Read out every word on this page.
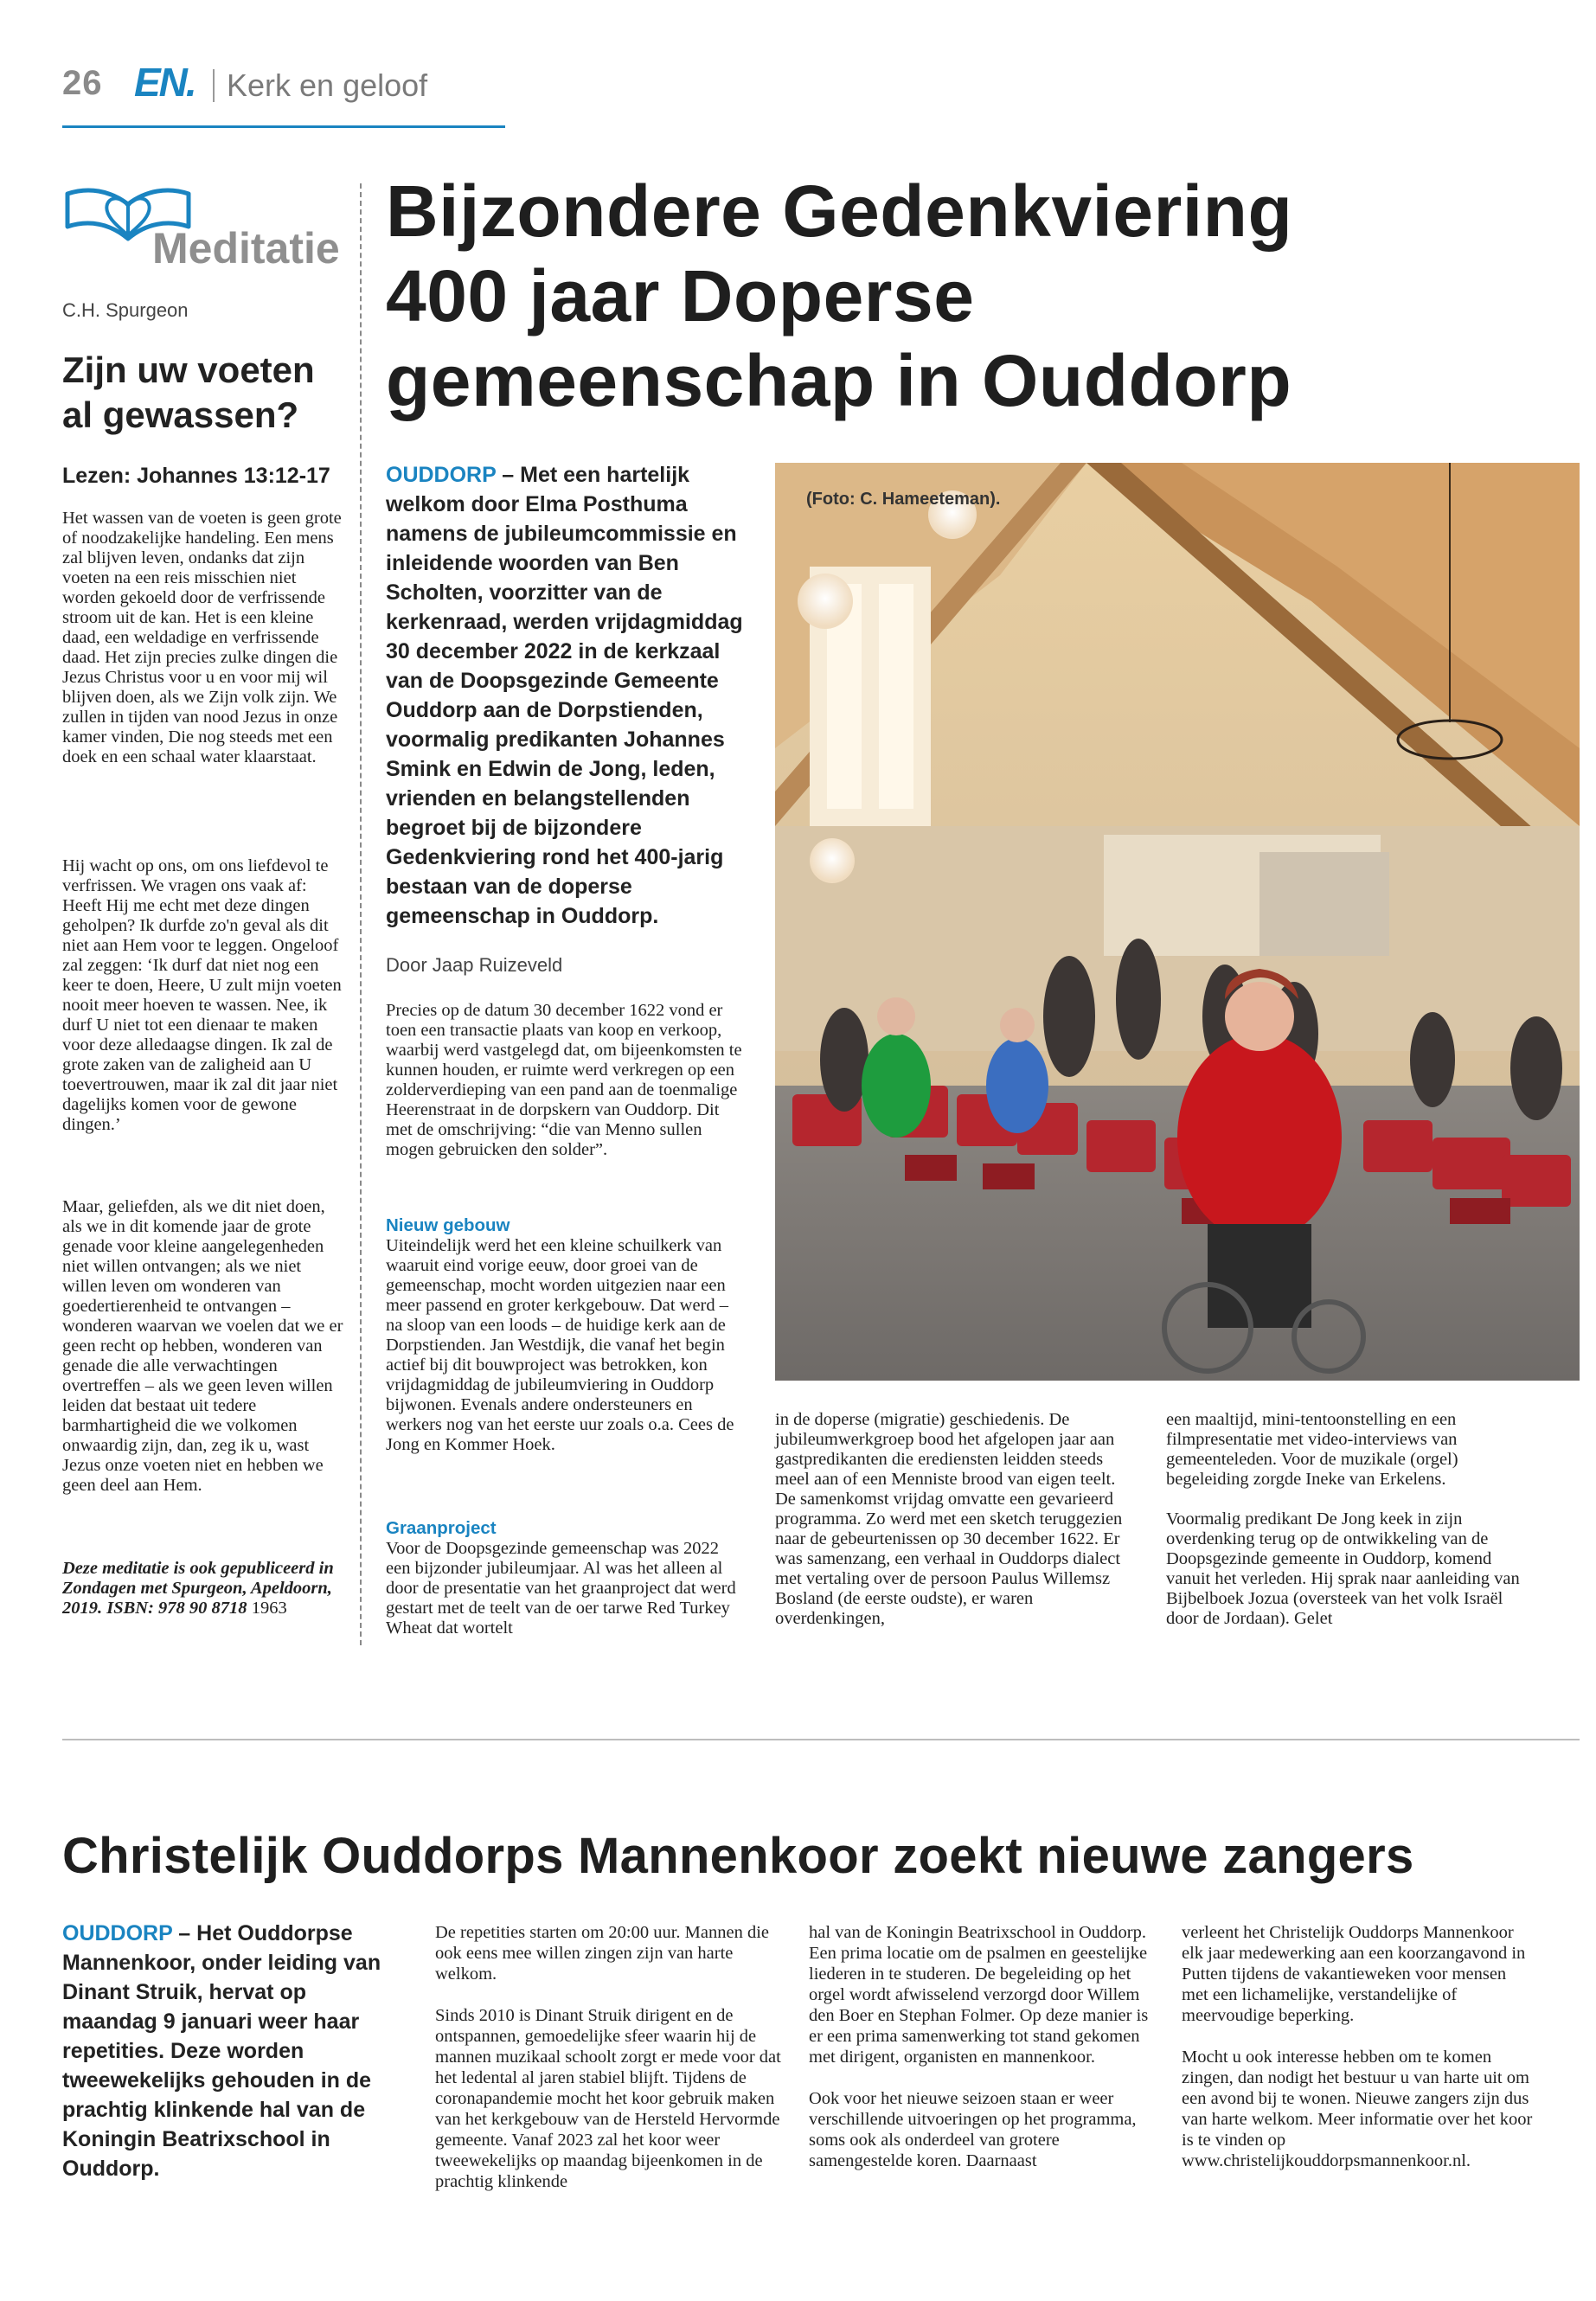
26 EN. Kerk en geloof
Meditatie
C.H. Spurgeon
Zijn uw voeten al gewassen?
Lezen: Johannes 13:12-17

Het wassen van de voeten is geen grote of noodzakelijke handeling. Een mens zal blijven leven, ondanks dat zijn voeten na een reis misschien niet worden gekoeld door de verfrissende stroom uit de kan. Het is een kleine daad, een weldadige en verfrissende daad. Het zijn precies zulke dingen die Jezus Christus voor u en voor mij wil blijven doen, als we Zijn volk zijn. We zullen in tijden van nood Jezus in onze kamer vinden, Die nog steeds met een doek en een schaal water klaarstaat.

Hij wacht op ons, om ons liefdevol te verfrissen. We vragen ons vaak af: Heeft Hij me echt met deze dingen geholpen? Ik durfde zo'n geval als dit niet aan Hem voor te leggen. Ongeloof zal zeggen: ‘Ik durf dat niet nog een keer te doen, Heere, U zult mijn voeten nooit meer hoeven te wassen. Nee, ik durf U niet tot een dienaar te maken voor deze alledaagse dingen. Ik zal de grote zaken van de zaligheid aan U toevertrouwen, maar ik zal dit jaar niet dagelijks komen voor de gewone dingen.’

Maar, geliefden, als we dit niet doen, als we in dit komende jaar de grote genade voor kleine aangelegenheden niet willen ontvangen; als we niet willen leven om wonderen van goedertierenheid te ontvangen – wonderen waarvan we voelen dat we er geen recht op hebben, wonderen van genade die alle verwachtingen overtreffen – als we geen leven willen leiden dat bestaat uit tedere barmhartigheid die we volkomen onwaardig zijn, dan, zeg ik u, wast Jezus onze voeten niet en hebben we geen deel aan Hem.

Deze meditatie is ook gepubliceerd in Zondagen met Spurgeon, Apeldoorn, 2019. ISBN: 978 90 8718 1963
Bijzondere Gedenkviering
400 jaar Doperse
gemeenschap in Ouddorp
OUDDORP – Met een hartelijk welkom door Elma Posthuma namens de jubileumcommissie en inleidende woorden van Ben Scholten, voorzitter van de kerkenraad, werden vrijdagmiddag 30 december 2022 in de kerkzaal van de Doopsgezinde Gemeente Ouddorp aan de Dorpstienden, voormalig predikanten Johannes Smink en Edwin de Jong, leden, vrienden en belangstellenden begroet bij de bijzondere Gedenkviering rond het 400-jarig bestaan van de doperse gemeenschap in Ouddorp.
Door Jaap Ruizeveld

Precies op de datum 30 december 1622 vond er toen een transactie plaats van koop en verkoop, waarbij werd vastgelegd dat, om bijeenkomsten te kunnen houden, er ruimte werd verkregen op een zolderverdieping van een pand aan de toenmalige Heerenstraat in de dorpskern van Ouddorp. Dit met de omschrijving: “die van Menno sullen mogen gebruicken den solder”.

Nieuw gebouw

Uiteindelijk werd het een kleine schuilkerk van waaruit eind vorige eeuw, door groei van de gemeenschap, mocht worden uitgezien naar een meer passend en groter kerkgebouw. Dat werd – na sloop van een loods – de huidige kerk aan de Dorpstienden. Jan Westdijk, die vanaf het begin actief bij dit bouwproject was betrokken, kon vrijdagmiddag de jubileumviering in Ouddorp bijwonen. Evenals andere ondersteuners en werkers nog van het eerste uur zoals o.a. Cees de Jong en Kommer Hoek.

Graanproject

Voor de Doopsgezinde gemeenschap was 2022 een bijzonder jubileumjaar. Al was het alleen al door de presentatie van het graanproject dat werd gestart met de teelt van de oer tarwe Red Turkey Wheat dat wortelt

in de doperse (migratie) geschiedenis. De jubileumwerkgroep bood het afgelopen jaar aan gastpredikanten die erediensten leidden steeds meel aan of een Menniste brood van eigen teelt. De samenkomst vrijdag omvatte een gevarieerd programma. Zo werd met een sketch teruggezien naar de gebeurtenissen op 30 december 1622. Er was samenzang, een verhaal in Ouddorps dialect met vertaling over de persoon Paulus Willemsz Bosland (de eerste oudste), er waren overdenkingen,

een maaltijd, mini-tentoonstelling en een filmpresentatie met video-interviews van gemeenteleden. Voor de muzikale (orgel) begeleiding zorgde Ineke van Erkelens.

Voormalig predikant De Jong keek in zijn overdenking terug op de ontwikkeling van de Doopsgezinde gemeente in Ouddorp, komend vanuit het verleden. Hij sprak naar aanleiding van Bijbelboek Jozua (oversteek van het volk Israël door de Jordaan). Gelet

(Foto: C. Hameeteman).
Christelijk Ouddorps Mannenkoor zoekt nieuwe zangers
OUDDORP – Het Ouddorpse Mannenkoor, onder leiding van Dinant Struik, hervat op maandag 9 januari weer haar repetities. Deze worden tweewekelijks gehouden in de prachtig klinkende hal van de Koningin Beatrixschool in Ouddorp.
De repetities starten om 20:00 uur. Mannen die ook eens mee willen zingen zijn van harte welkom.
Sinds 2010 is Dinant Struik dirigent en de ontspannen, gemoedelijke sfeer waarin hij de mannen muzikaal schoolt zorgt er mede voor dat het ledental al jaren stabiel blijft. Tijdens de coronapandemie mocht het koor gebruik maken van het kerkgebouw van de Hersteld Hervormde gemeente. Vanaf 2023 zal het koor weer tweewekelijks op maandag bijeenkomen in de prachtig klinkende
hal van de Koningin Beatrixschool in Ouddorp. Een prima locatie om de psalmen en geestelijke liederen in te studeren. De begeleiding op het orgel wordt afwisselend verzorgd door Willem den Boer en Stephan Folmer. Op deze manier is er een prima samenwerking tot stand gekomen met dirigent, organisten en mannenkoor.
Ook voor het nieuwe seizoen staan er weer verschillende uitvoeringen op het programma, soms ook als onderdeel van grotere samengestelde koren. Daarnaast
verleent het Christelijk Ouddorps Mannenkoor elk jaar medewerking aan een koorzangavond in Putten tijdens de vakantieweken voor mensen met een lichamelijke, verstandelijke of meervoudige beperking.
Mocht u ook interesse hebben om te komen zingen, dan nodigt het bestuur u van harte uit om een avond bij te wonen. Nieuwe zangers zijn dus van harte welkom. Meer informatie over het koor is te vinden op www.christelijkouddorpsmannenkoor.nl.
